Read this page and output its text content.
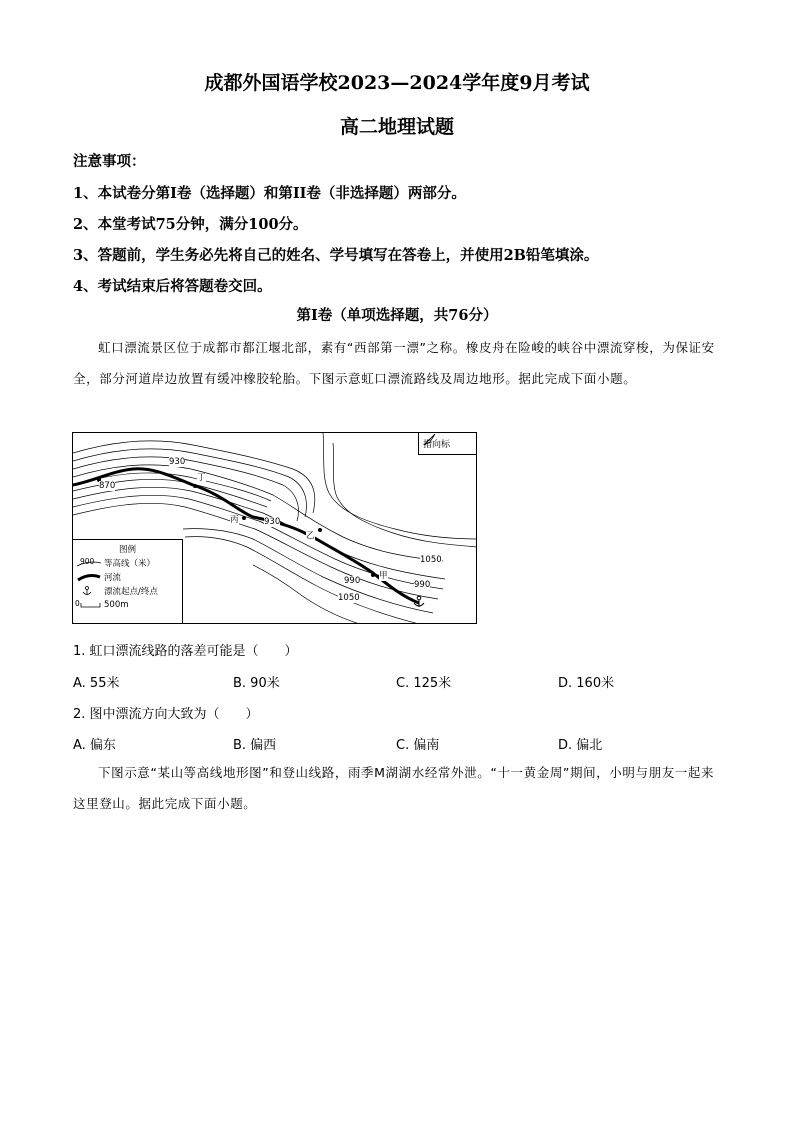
成都外国语学校2023—2024学年度9月考试
高二地理试题
注意事项：
1、本试卷分第Ⅰ卷（选择题）和第II卷（非选择题）两部分。
2、本堂考试75分钟，满分100分。
3、答题前，学生务必先将自己的姓名、学号填写在答卷上，并使用2B铅笔填涂。
4、考试结束后将答题卷交回。
第Ⅰ卷（单项选择题，共76分）
虹口漂流景区位于成都市都江堰北部，素有“西部第一漂”之称。橡皮舟在险峻的峡谷中漂流穿梭，为保证安全，部分河道岸边放置有缓冲橡胶轮胎。下图示意虹口漂流路线及周边地形。据此完成下面小题。
870
930
丁
丙	930
乙
1050
甲
990	990
1050
指向标
图例
900 等高线（米）
河流
漂流起点/终点
0	500m
1. 虹口漂流线路的落差可能是（　　）
A. 55米	B. 90米	C. 125米	D. 160米
2. 图中漂流方向大致为（　　）
A. 偏东	B. 偏西	C. 偏南	D. 偏北
下图示意“某山等高线地形图”和登山线路，雨季M湖湖水经常外泄。“十一黄金周”期间，小明与朋友一起来这里登山。据此完成下面小题。
